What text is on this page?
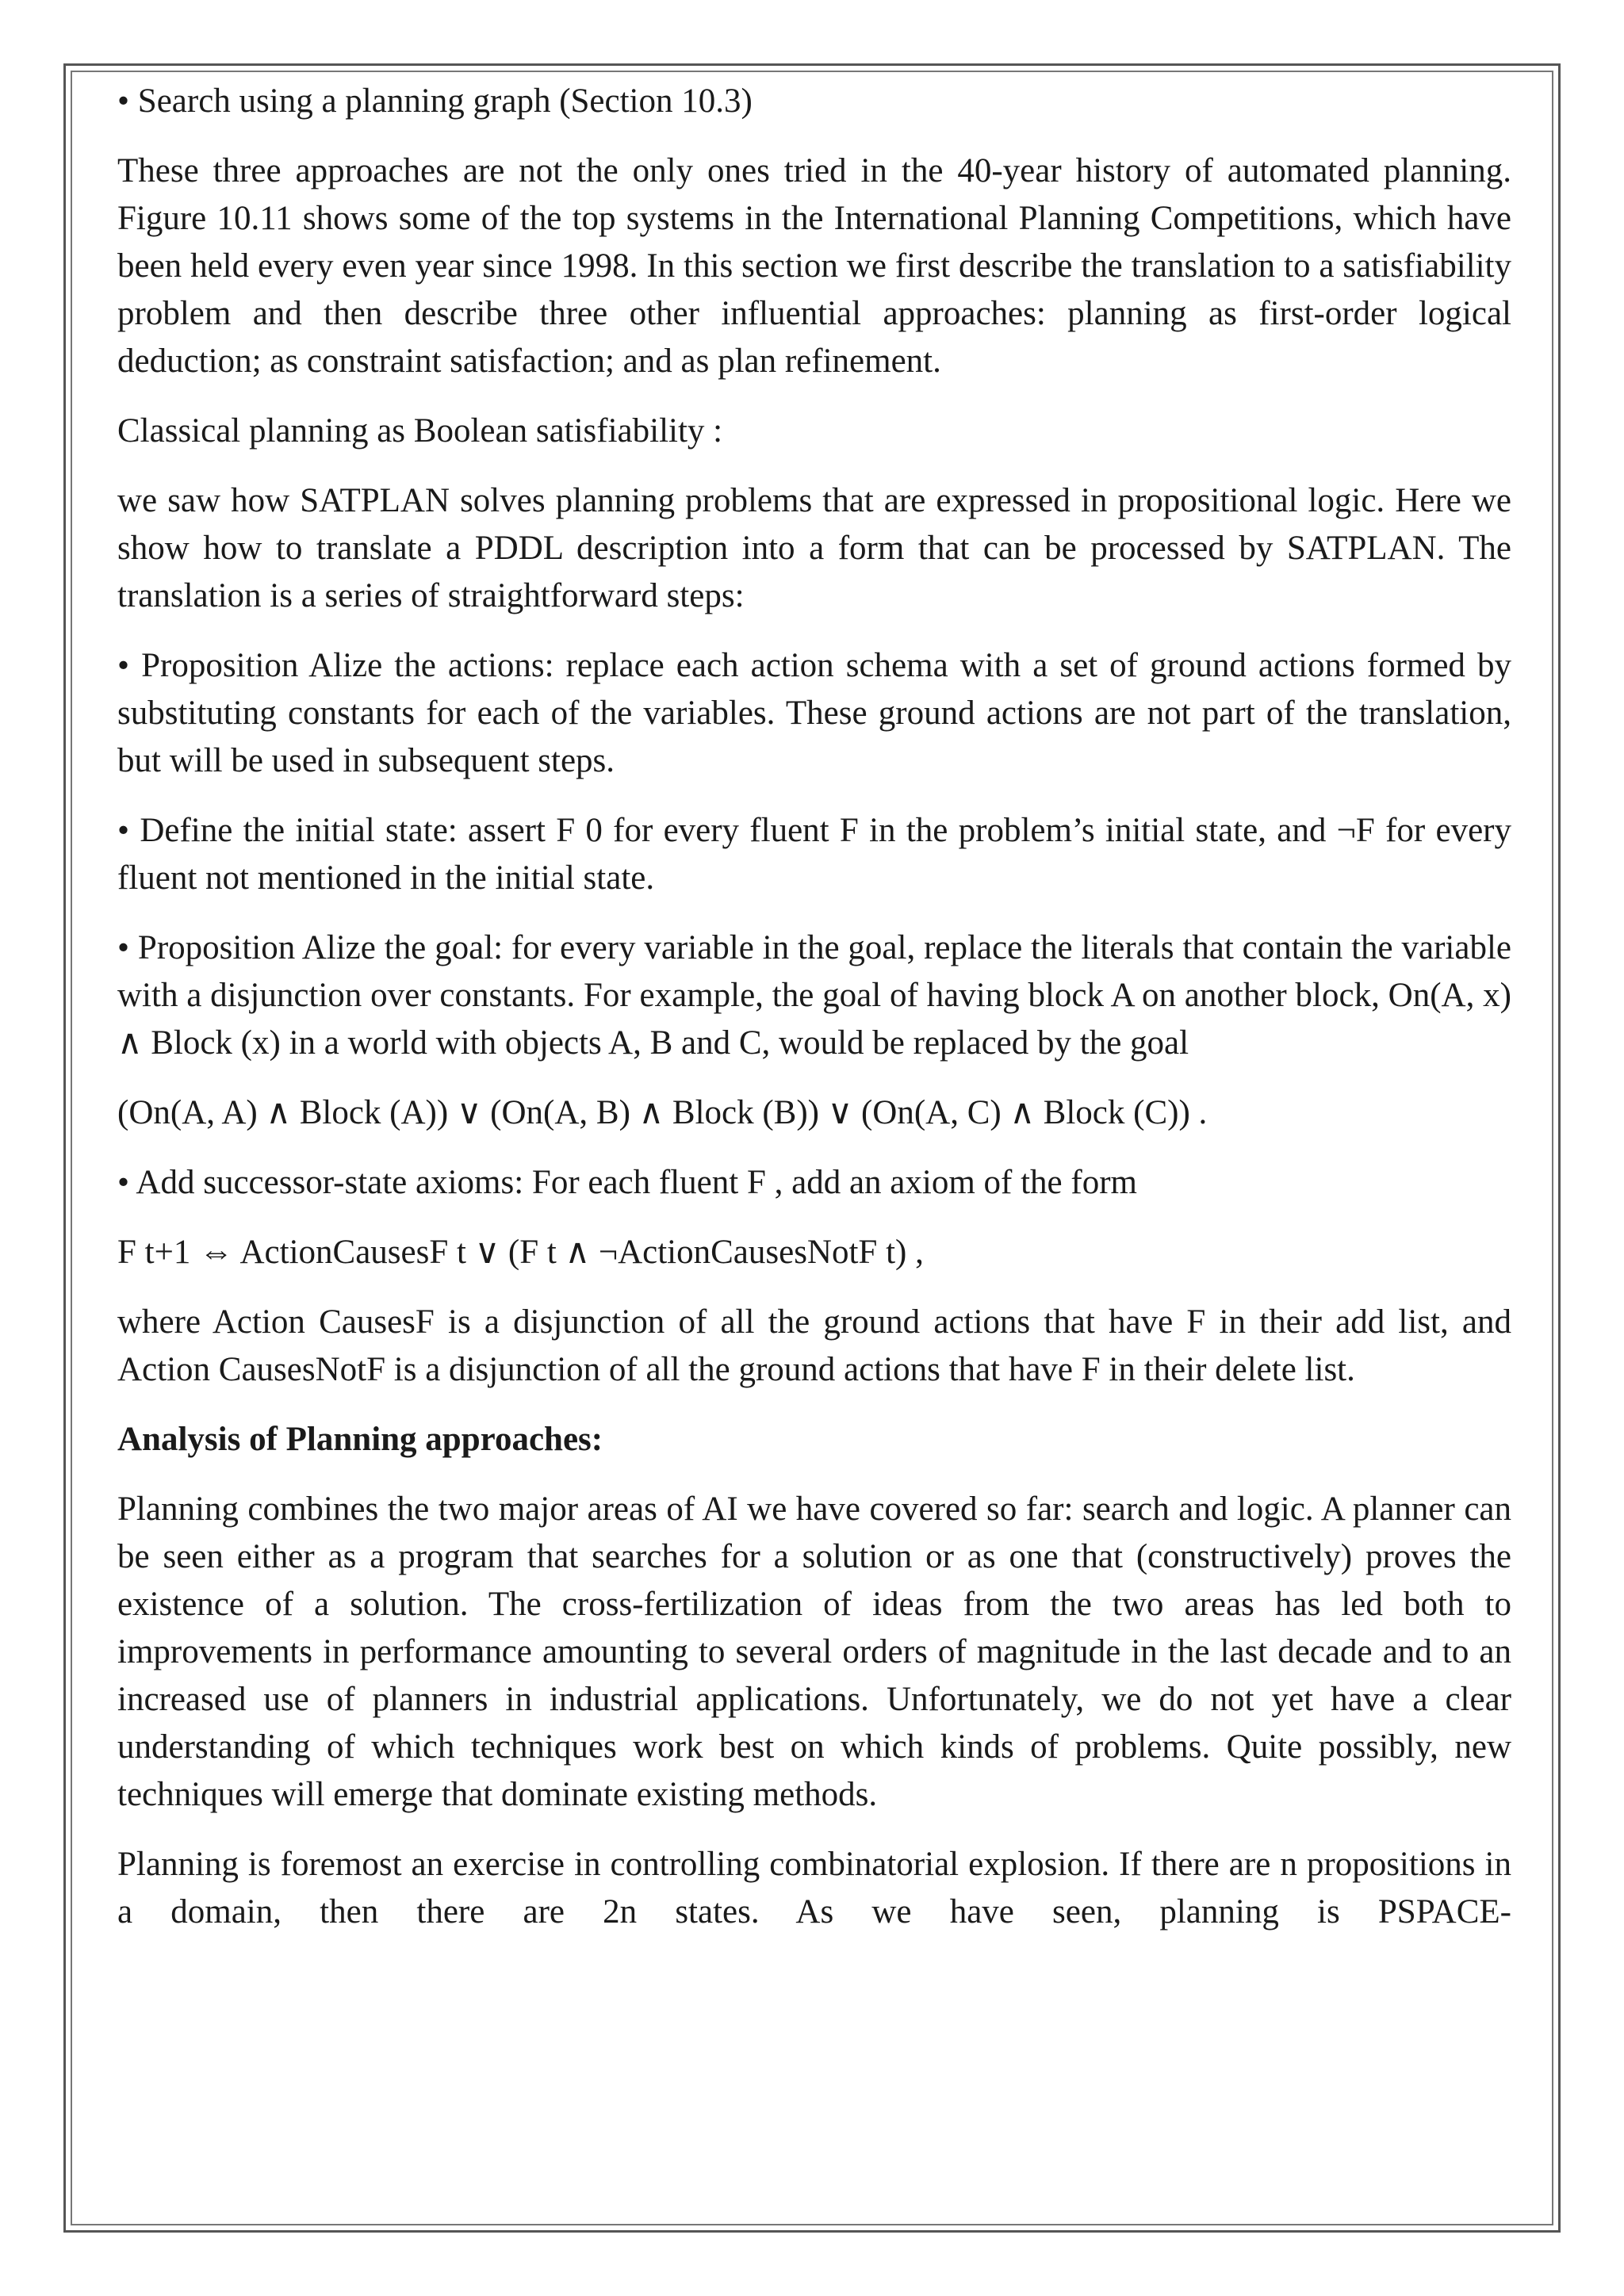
• Search using a planning graph (Section 10.3)

These three approaches are not the only ones tried in the 40-year history of automated planning. Figure 10.11 shows some of the top systems in the International Planning Competitions, which have been held every even year since 1998. In this section we first describe the translation to a satisfiability problem and then describe three other influential approaches: planning as first-order logical deduction; as constraint satisfaction; and as plan refinement.

Classical planning as Boolean satisfiability :

we saw how SATPLAN solves planning problems that are expressed in propositional logic. Here we show how to translate a PDDL description into a form that can be processed by SATPLAN. The translation is a series of straightforward steps:

• Proposition Alize the actions: replace each action schema with a set of ground actions formed by substituting constants for each of the variables. These ground actions are not part of the translation, but will be used in subsequent steps.

• Define the initial state: assert F 0 for every fluent F in the problem’s initial state, and ¬F for every fluent not mentioned in the initial state.

• Proposition Alize the goal: for every variable in the goal, replace the literals that contain the variable with a disjunction over constants. For example, the goal of having block A on another block, On(A, x) ∧ Block (x) in a world with objects A, B and C, would be replaced by the goal

(On(A, A) ∧ Block (A)) ∨ (On(A, B) ∧ Block (B)) ∨ (On(A, C) ∧ Block (C)) .

• Add successor-state axioms: For each fluent F , add an axiom of the form

F t+1 ⇔ ActionCausesF t ∨ (F t ∧ ¬ActionCausesNotF t) ,

where Action CausesF is a disjunction of all the ground actions that have F in their add list, and Action CausesNotF is a disjunction of all the ground actions that have F in their delete list.

Analysis of Planning approaches:

Planning combines the two major areas of AI we have covered so far: search and logic. A planner can be seen either as a program that searches for a solution or as one that (constructively) proves the existence of a solution. The cross-fertilization of ideas from the two areas has led both to improvements in performance amounting to several orders of magnitude in the last decade and to an increased use of planners in industrial applications. Unfortunately, we do not yet have a clear understanding of which techniques work best on which kinds of problems. Quite possibly, new techniques will emerge that dominate existing methods.

Planning is foremost an exercise in controlling combinatorial explosion. If there are n propositions in a domain, then there are 2n states. As we have seen, planning is PSPACE-
